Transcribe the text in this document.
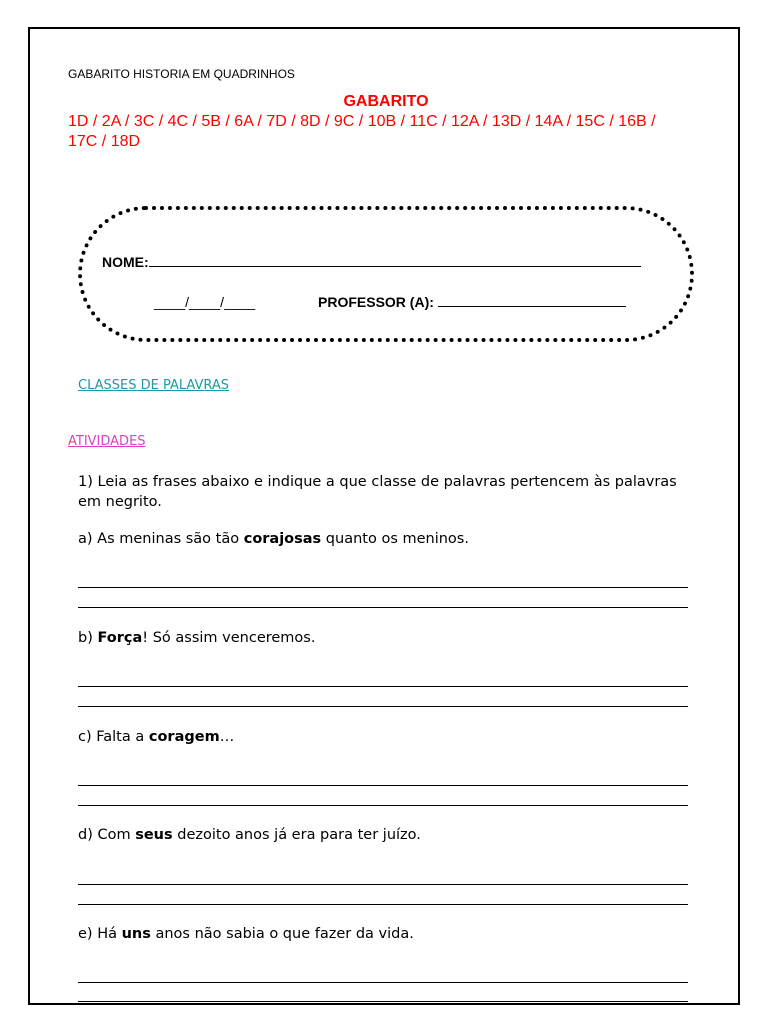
GABARITO HISTORIA EM QUADRINHOS
GABARITO
1D / 2A / 3C / 4C / 5B / 6A / 7D / 8D / 9C / 10B / 11C / 12A / 13D / 14A / 15C / 16B / 17C / 18D
NOME:
____/____/____	PROFESSOR (A):
CLASSES DE PALAVRAS
ATIVIDADES
1) Leia as frases abaixo e indique a que classe de palavras pertencem às palavras em negrito.
a) As meninas são tão corajosas quanto os meninos.
b) Força! Só assim venceremos.
c) Falta a coragem…
d) Com seus dezoito anos já era para ter juízo.
e) Há uns anos não sabia o que fazer da vida.
